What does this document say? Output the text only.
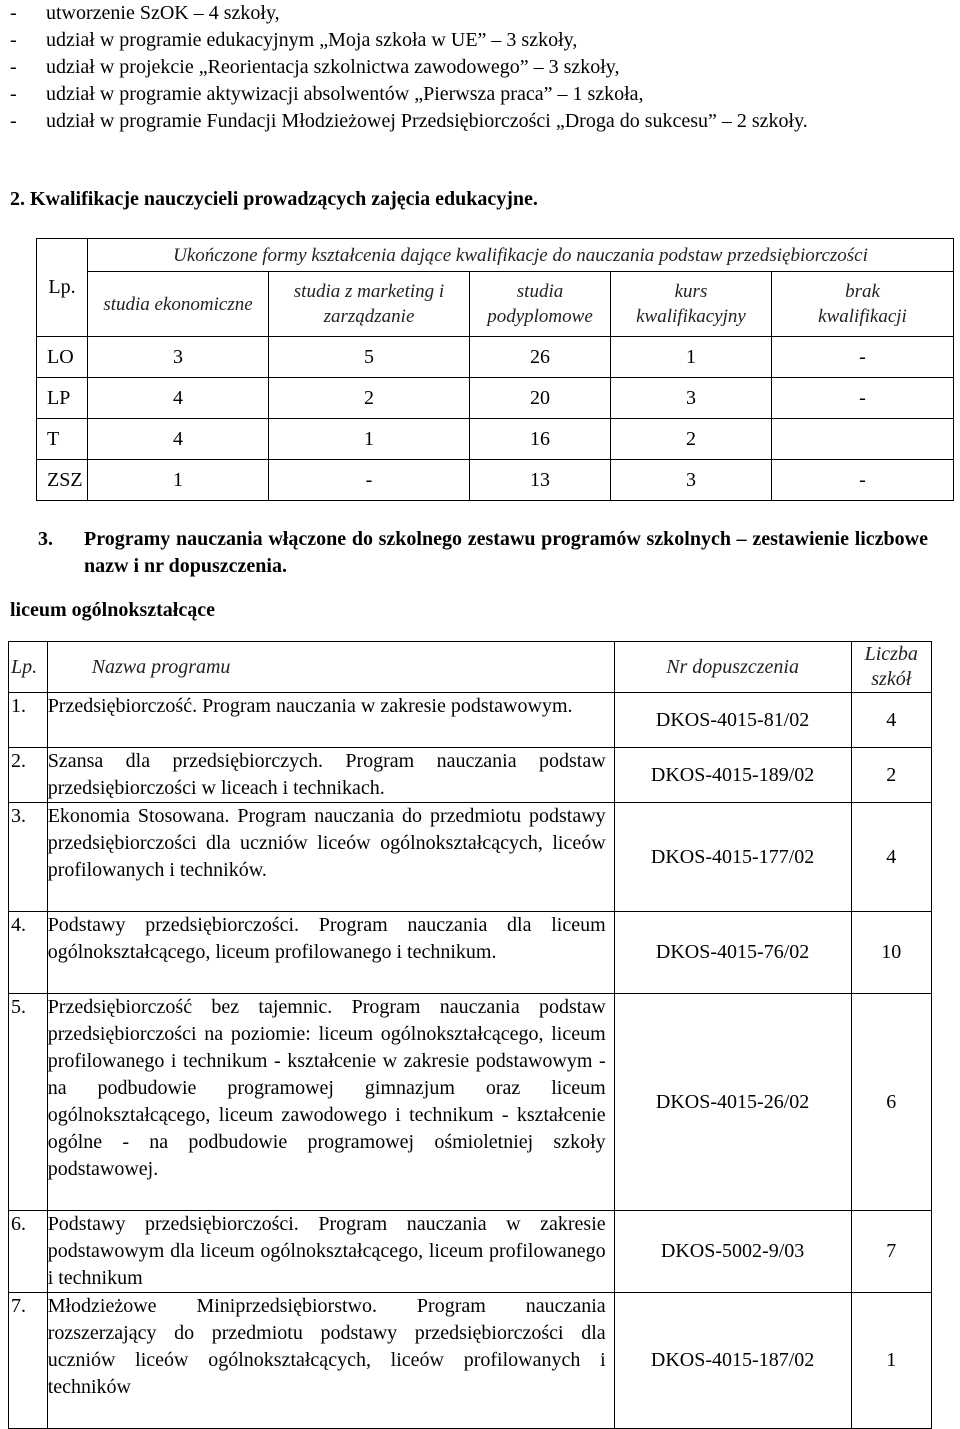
- utworzenie SzOK – 4 szkoły,
- udział w programie edukacyjnym „Moja szkoła w UE” – 3 szkoły,
- udział w projekcie „Reorientacja szkolnictwa zawodowego” – 3 szkoły,
- udział w programie aktywizacji absolwentów „Pierwsza praca” – 1 szkoła,
- udział w programie Fundacji Młodzieżowej Przedsiębiorczości „Droga do sukcesu” – 2 szkoły.
2. Kwalifikacje nauczycieli prowadzących zajęcia edukacyjne.
Lp.	Ukończone formy kształcenia dające kwalifikacje do nauczania podstaw przedsiębiorczości				
	studia ekonomiczne	studia z marketing i zarządzanie	studia podyplomowe	kurs kwalifikacyjny	brak kwalifikacji
LO	3	5	26	1	-
LP	4	2	20	3	-
T	4	1	16	2	
ZSZ	1	-	13	3	-
3.	Programy nauczania włączone do szkolnego zestawu programów szkolnych – zestawienie liczbowe nazw i nr dopuszczenia.
liceum ogólnokształcące
Lp.	Nazwa programu	Nr dopuszczenia	Liczba szkół
1.	Przedsiębiorczość. Program nauczania w zakresie podstawowym.	DKOS-4015-81/02	4
2.	Szansa dla przedsiębiorczych. Program nauczania podstaw przedsiębiorczości w liceach i technikach.	DKOS-4015-189/02	2
3.	Ekonomia Stosowana. Program nauczania do przedmiotu podstawy przedsiębiorczości dla uczniów liceów ogólnokształcących, liceów profilowanych i techników.	DKOS-4015-177/02	4
4.	Podstawy przedsiębiorczości. Program nauczania dla liceum ogólnokształcącego, liceum profilowanego i technikum.	DKOS-4015-76/02	10
5.	Przedsiębiorczość bez tajemnic. Program nauczania podstaw przedsiębiorczości na poziomie: liceum ogólnokształcącego, liceum profilowanego i technikum - kształcenie w zakresie podstawowym - na podbudowie programowej gimnazjum oraz liceum ogólnokształcącego, liceum zawodowego i technikum - kształcenie ogólne - na podbudowie programowej ośmioletniej szkoły podstawowej.	DKOS-4015-26/02	6
6.	Podstawy przedsiębiorczości. Program nauczania w zakresie podstawowym dla liceum ogólnokształcącego, liceum profilowanego i technikum	DKOS-5002-9/03	7
7.	Młodzieżowe Miniprzedsiębiorstwo. Program nauczania rozszerzający do przedmiotu podstawy przedsiębiorczości dla uczniów liceów ogólnokształcących, liceów profilowanych i techników	DKOS-4015-187/02	1
